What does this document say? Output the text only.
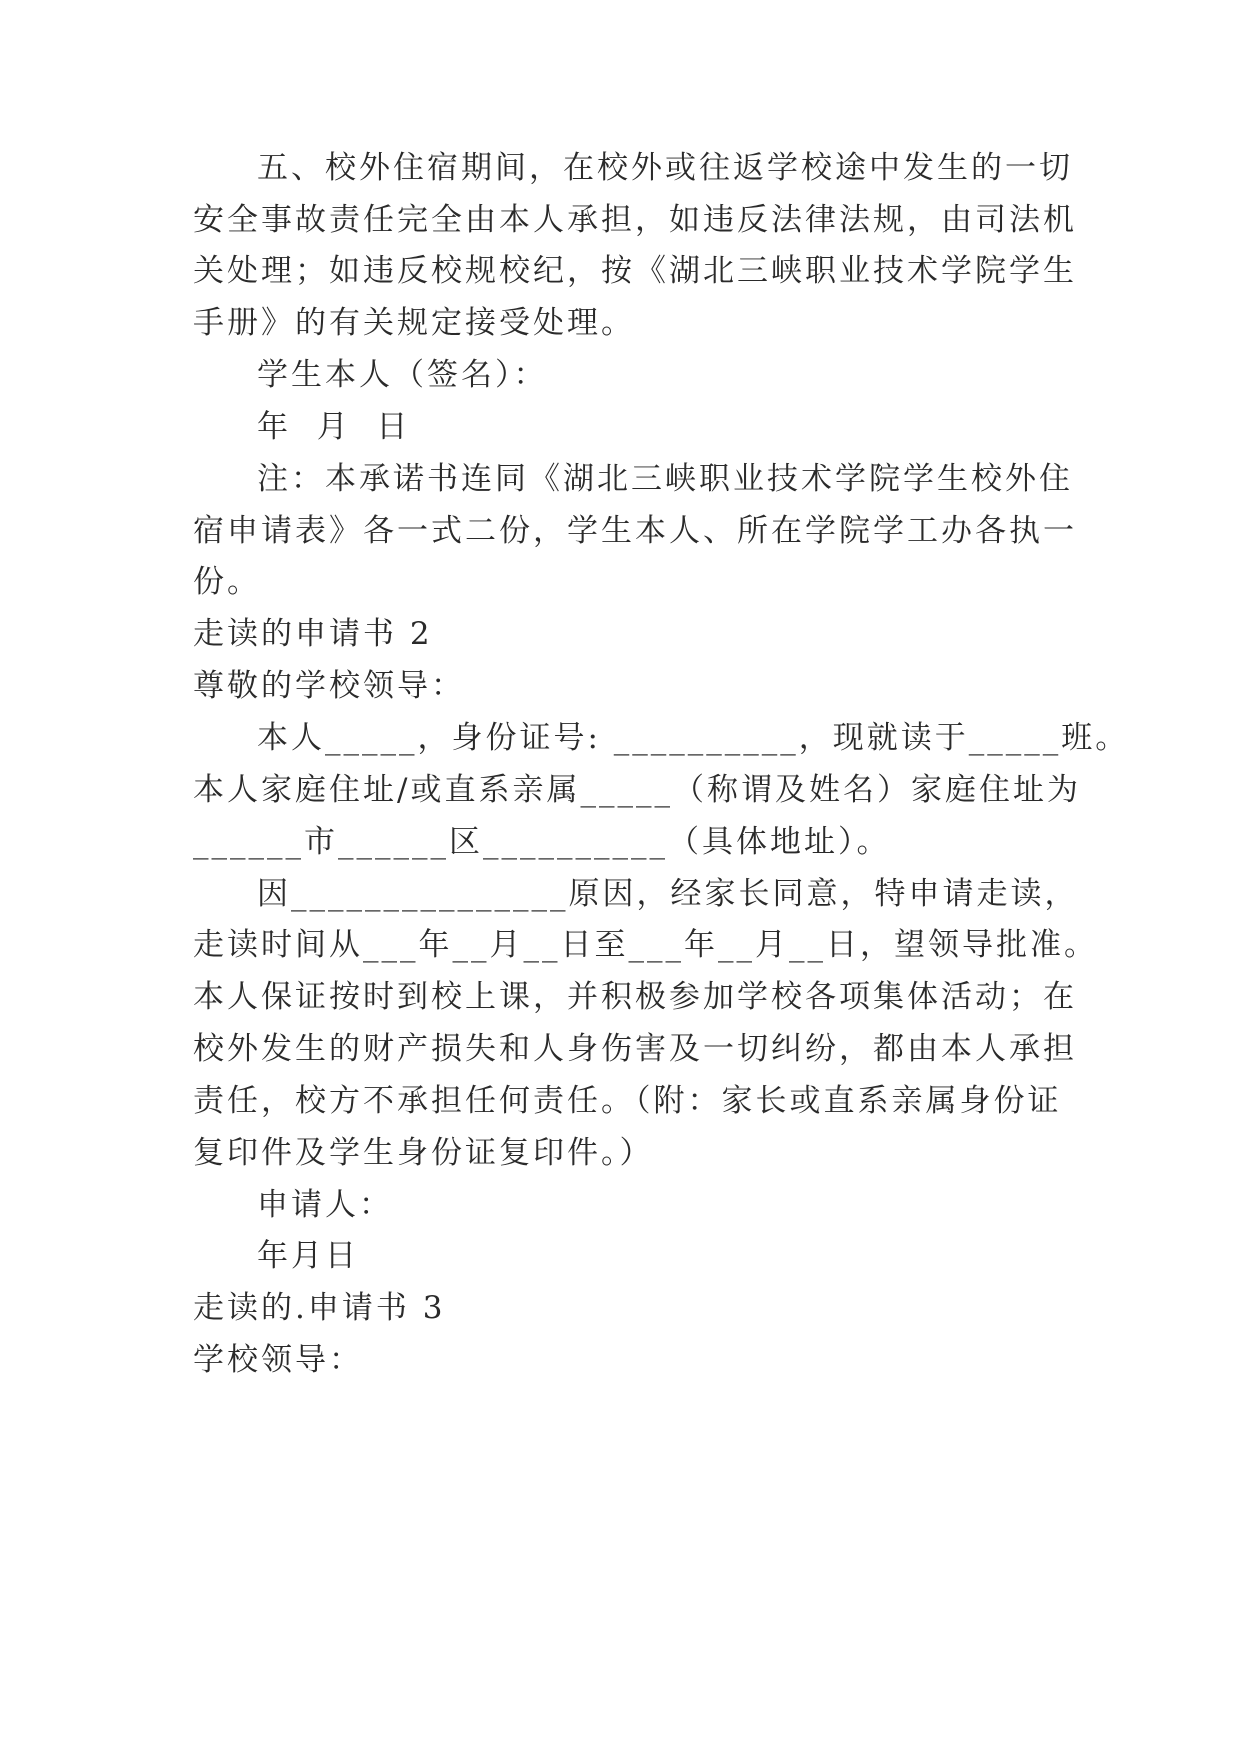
五、校外住宿期间，在校外或往返学校途中发生的一切
安全事故责任完全由本人承担，如违反法律法规，由司法机
关处理；如违反校规校纪，按《湖北三峡职业技术学院学生
手册》的有关规定接受处理。
学生本人（签名）：
年  月  日
注：本承诺书连同《湖北三峡职业技术学院学生校外住
宿申请表》各一式二份，学生本人、所在学院学工办各执一
份。
走读的申请书 2
尊敬的学校领导：
本人_____，身份证号: __________，现就读于_____班。
本人家庭住址/或直系亲属_____（称谓及姓名）家庭住址为
______市______区__________（具体地址）。
因_______________原因，经家长同意，特申请走读，
走读时间从___年__月__日至___年__月__日，望领导批准。
本人保证按时到校上课，并积极参加学校各项集体活动；在
校外发生的财产损失和人身伤害及一切纠纷，都由本人承担
责任，校方不承担任何责任。（附：家长或直系亲属身份证
复印件及学生身份证复印件。）
申请人：
年月日
走读的.申请书 3
学校领导：
